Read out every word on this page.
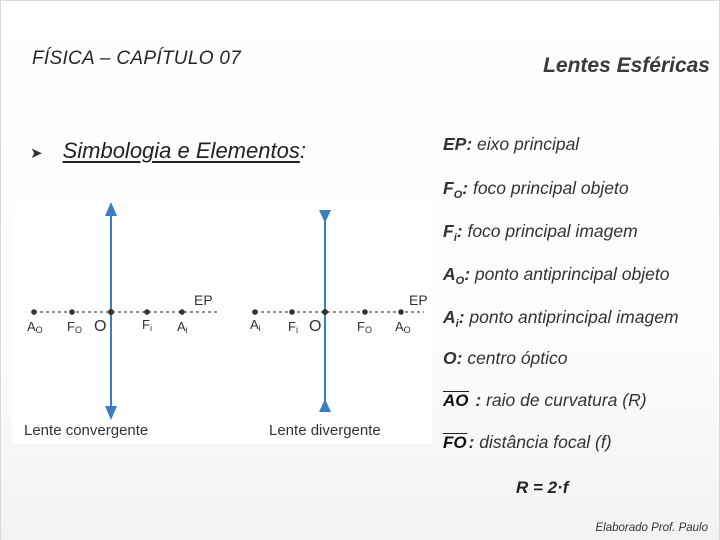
FÍSICA – CAPÍTULO 07	Lentes Esféricas
➤ Simbologia e Elementos:
EP	EP
O	O
AO FO	Fi Ai	Ai Fi	FO AO
Lente convergente	Lente divergente
EP: eixo principal
$F_O$: foco principal objeto
$F_i$: foco principal imagem
$A_O$: ponto antiprincipal objeto
$A_i$: ponto antiprincipal imagem
O: centro óptico
AO : raio de curvatura (R)
FO : distância focal (f)
R = 2·f
Elaborado Prof. Paulo
